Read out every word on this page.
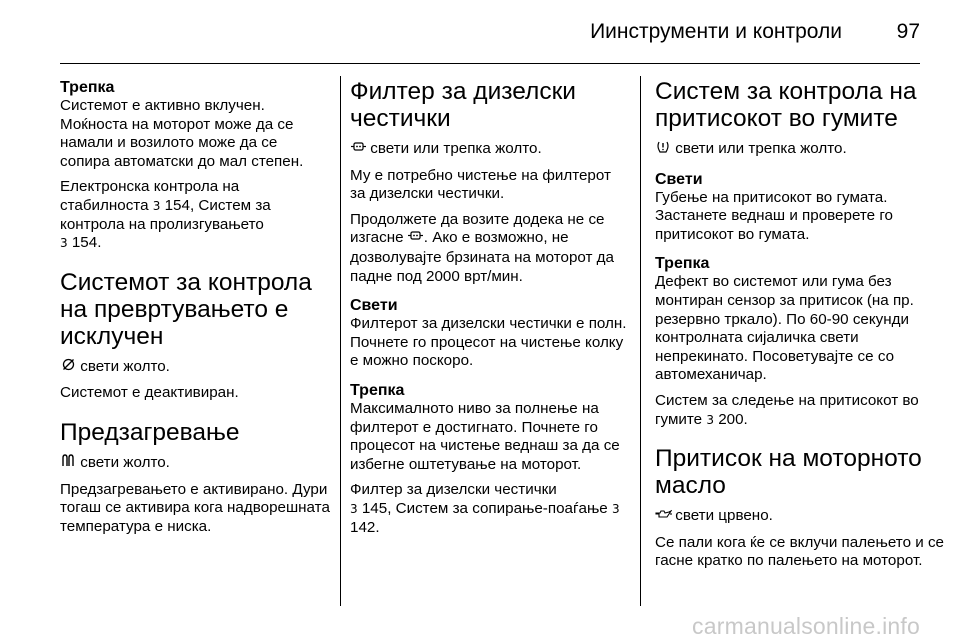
Иинструменти и контроли	97
Трепка

Системот е активно вклучен. Моќноста на моторот може да се намали и возилото може да се сопира автоматски до мал степен.

Електронска контрола на стабилноста 3 154, Систем за контрола на пролизгувањето
3 154.

Системот за контрола на превртувањето е исклучен

свети жолто.

Системот е деактивиран.

Предзагревање

свети жолто.

Предзагревањето е активирано. Дури тогаш се активира кога надворешната температура е ниска.

Филтер за дизелски честички

свети или трепка жолто.

Му е потребно чистење на филтерот за дизелски честички.

Продолжете да возите додека не се изгасне . Ако е возможно, не дозволувајте брзината на моторот да падне под 2000 врт/мин.

Свети

Филтерот за дизелски честички е полн. Почнете го процесот на чистење колку е можно поскоро.

Трепка

Максималното ниво за полнење на филтерот е достигнато. Почнете го процесот на чистење веднаш за да се избегне оштетување на моторот.

Филтер за дизелски честички
3 145, Систем за сопирање-поаѓање 3 142.

Систем за контрола на притисокот во гумите

свети или трепка жолто.

Свети

Губење на притисокот во гумата. Застанете веднаш и проверете го притисокот во гумата.

Трепка

Дефект во системот или гума без монтиран сензор за притисок (на пр. резервно тркало). По 60-90 секунди контролната сијаличка свети непрекинато. Посоветувајте се со автомеханичар.

Систем за следење на притисокот во гумите 3 200.

Притисок на моторното масло

свети црвено.

Се пали кога ќе се вклучи палењето и се гасне кратко по палењето на моторот.

carmanualsonline.info
